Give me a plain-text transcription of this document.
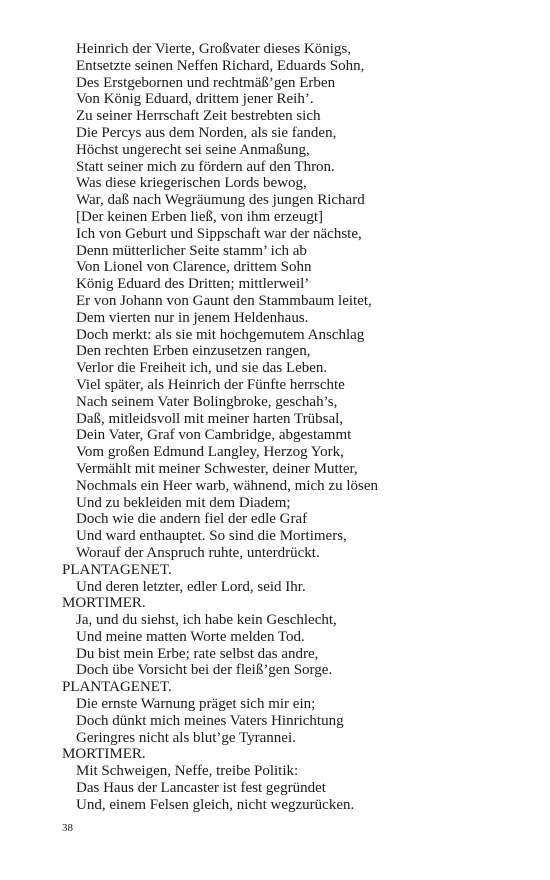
Heinrich der Vierte, Großvater dieses Königs,
Entsetzte seinen Neffen Richard, Eduards Sohn,
Des Erstgebornen und rechtmäß’gen Erben
Von König Eduard, drittem jener Reih’.
Zu seiner Herrschaft Zeit bestrebten sich
Die Percys aus dem Norden, als sie fanden,
Höchst ungerecht sei seine Anmaßung,
Statt seiner mich zu fördern auf den Thron.
Was diese kriegerischen Lords bewog,
War, daß nach Wegräumung des jungen Richard
[Der keinen Erben ließ, von ihm erzeugt]
Ich von Geburt und Sippschaft war der nächste,
Denn mütterlicher Seite stamm’ ich ab
Von Lionel von Clarence, drittem Sohn
König Eduard des Dritten; mittlerweil’
Er von Johann von Gaunt den Stammbaum leitet,
Dem vierten nur in jenem Heldenhaus.
Doch merkt: als sie mit hochgemutem Anschlag
Den rechten Erben einzusetzen rangen,
Verlor die Freiheit ich, und sie das Leben.
Viel später, als Heinrich der Fünfte herrschte
Nach seinem Vater Bolingbroke, geschah’s,
Daß, mitleidsvoll mit meiner harten Trübsal,
Dein Vater, Graf von Cambridge, abgestammt
Vom großen Edmund Langley, Herzog York,
Vermählt mit meiner Schwester, deiner Mutter,
Nochmals ein Heer warb, wähnend, mich zu lösen
Und zu bekleiden mit dem Diadem;
Doch wie die andern fiel der edle Graf
Und ward enthauptet. So sind die Mortimers,
Worauf der Anspruch ruhte, unterdrückt.
PLANTAGENET.
Und deren letzter, edler Lord, seid Ihr.
MORTIMER.
Ja, und du siehst, ich habe kein Geschlecht,
Und meine matten Worte melden Tod.
Du bist mein Erbe; rate selbst das andre,
Doch übe Vorsicht bei der fleiß’gen Sorge.
PLANTAGENET.
Die ernste Warnung präget sich mir ein;
Doch dünkt mich meines Vaters Hinrichtung
Geringres nicht als blut’ge Tyrannei.
MORTIMER.
Mit Schweigen, Neffe, treibe Politik:
Das Haus der Lancaster ist fest gegründet
Und, einem Felsen gleich, nicht wegzurücken.
38
